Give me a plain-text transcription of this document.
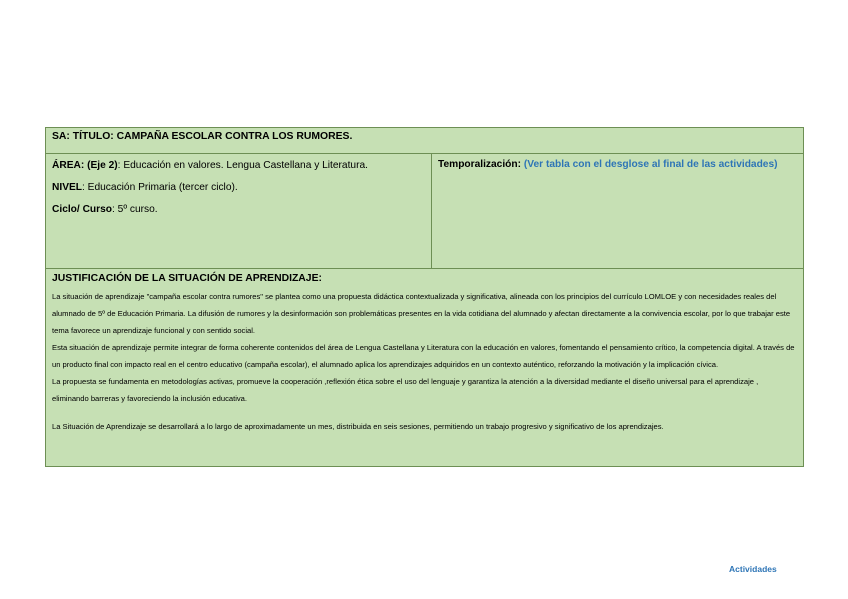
SA: TÍTULO: CAMPAÑA ESCOLAR CONTRA LOS RUMORES.

ÁREA: (Eje 2): Educación en valores. Lengua Castellana y Literatura.

NIVEL: Educación Primaria (tercer ciclo).

Ciclo/ Curso: 5º curso.

	Temporalización: (Ver tabla con el desglose al final de las actividades)

JUSTIFICACIÓN DE LA SITUACIÓN DE APRENDIZAJE:

La situación de aprendizaje "campaña escolar contra rumores" se plantea como una propuesta didáctica contextualizada y significativa, alineada con los principios del currículo LOMLOE y con necesidades reales del alumnado de 5º de Educación Primaria. La difusión de rumores y la desinformación son problemáticas presentes en la vida cotidiana del alumnado y afectan directamente a la convivencia escolar, por lo que trabajar este tema favorece un aprendizaje funcional y con sentido social.

Esta situación de aprendizaje permite integrar de forma coherente contenidos del área de Lengua Castellana y Literatura con la educación en valores, fomentando el pensamiento crítico, la competencia digital. A través de un producto final con impacto real en el centro educativo (campaña escolar), el alumnado aplica los aprendizajes adquiridos en un contexto auténtico, reforzando la motivación y la implicación cívica.

La propuesta se fundamenta en metodologías activas, promueve la cooperación ,reflexión ética sobre el uso del lenguaje y garantiza la atención a la diversidad mediante el diseño universal para el aprendizaje , eliminando barreras y favoreciendo la inclusión educativa.

La Situación de Aprendizaje se desarrollará a lo largo de aproximadamente un mes, distribuida en seis sesiones, permitiendo un trabajo progresivo y significativo de los aprendizajes.

Actividades
